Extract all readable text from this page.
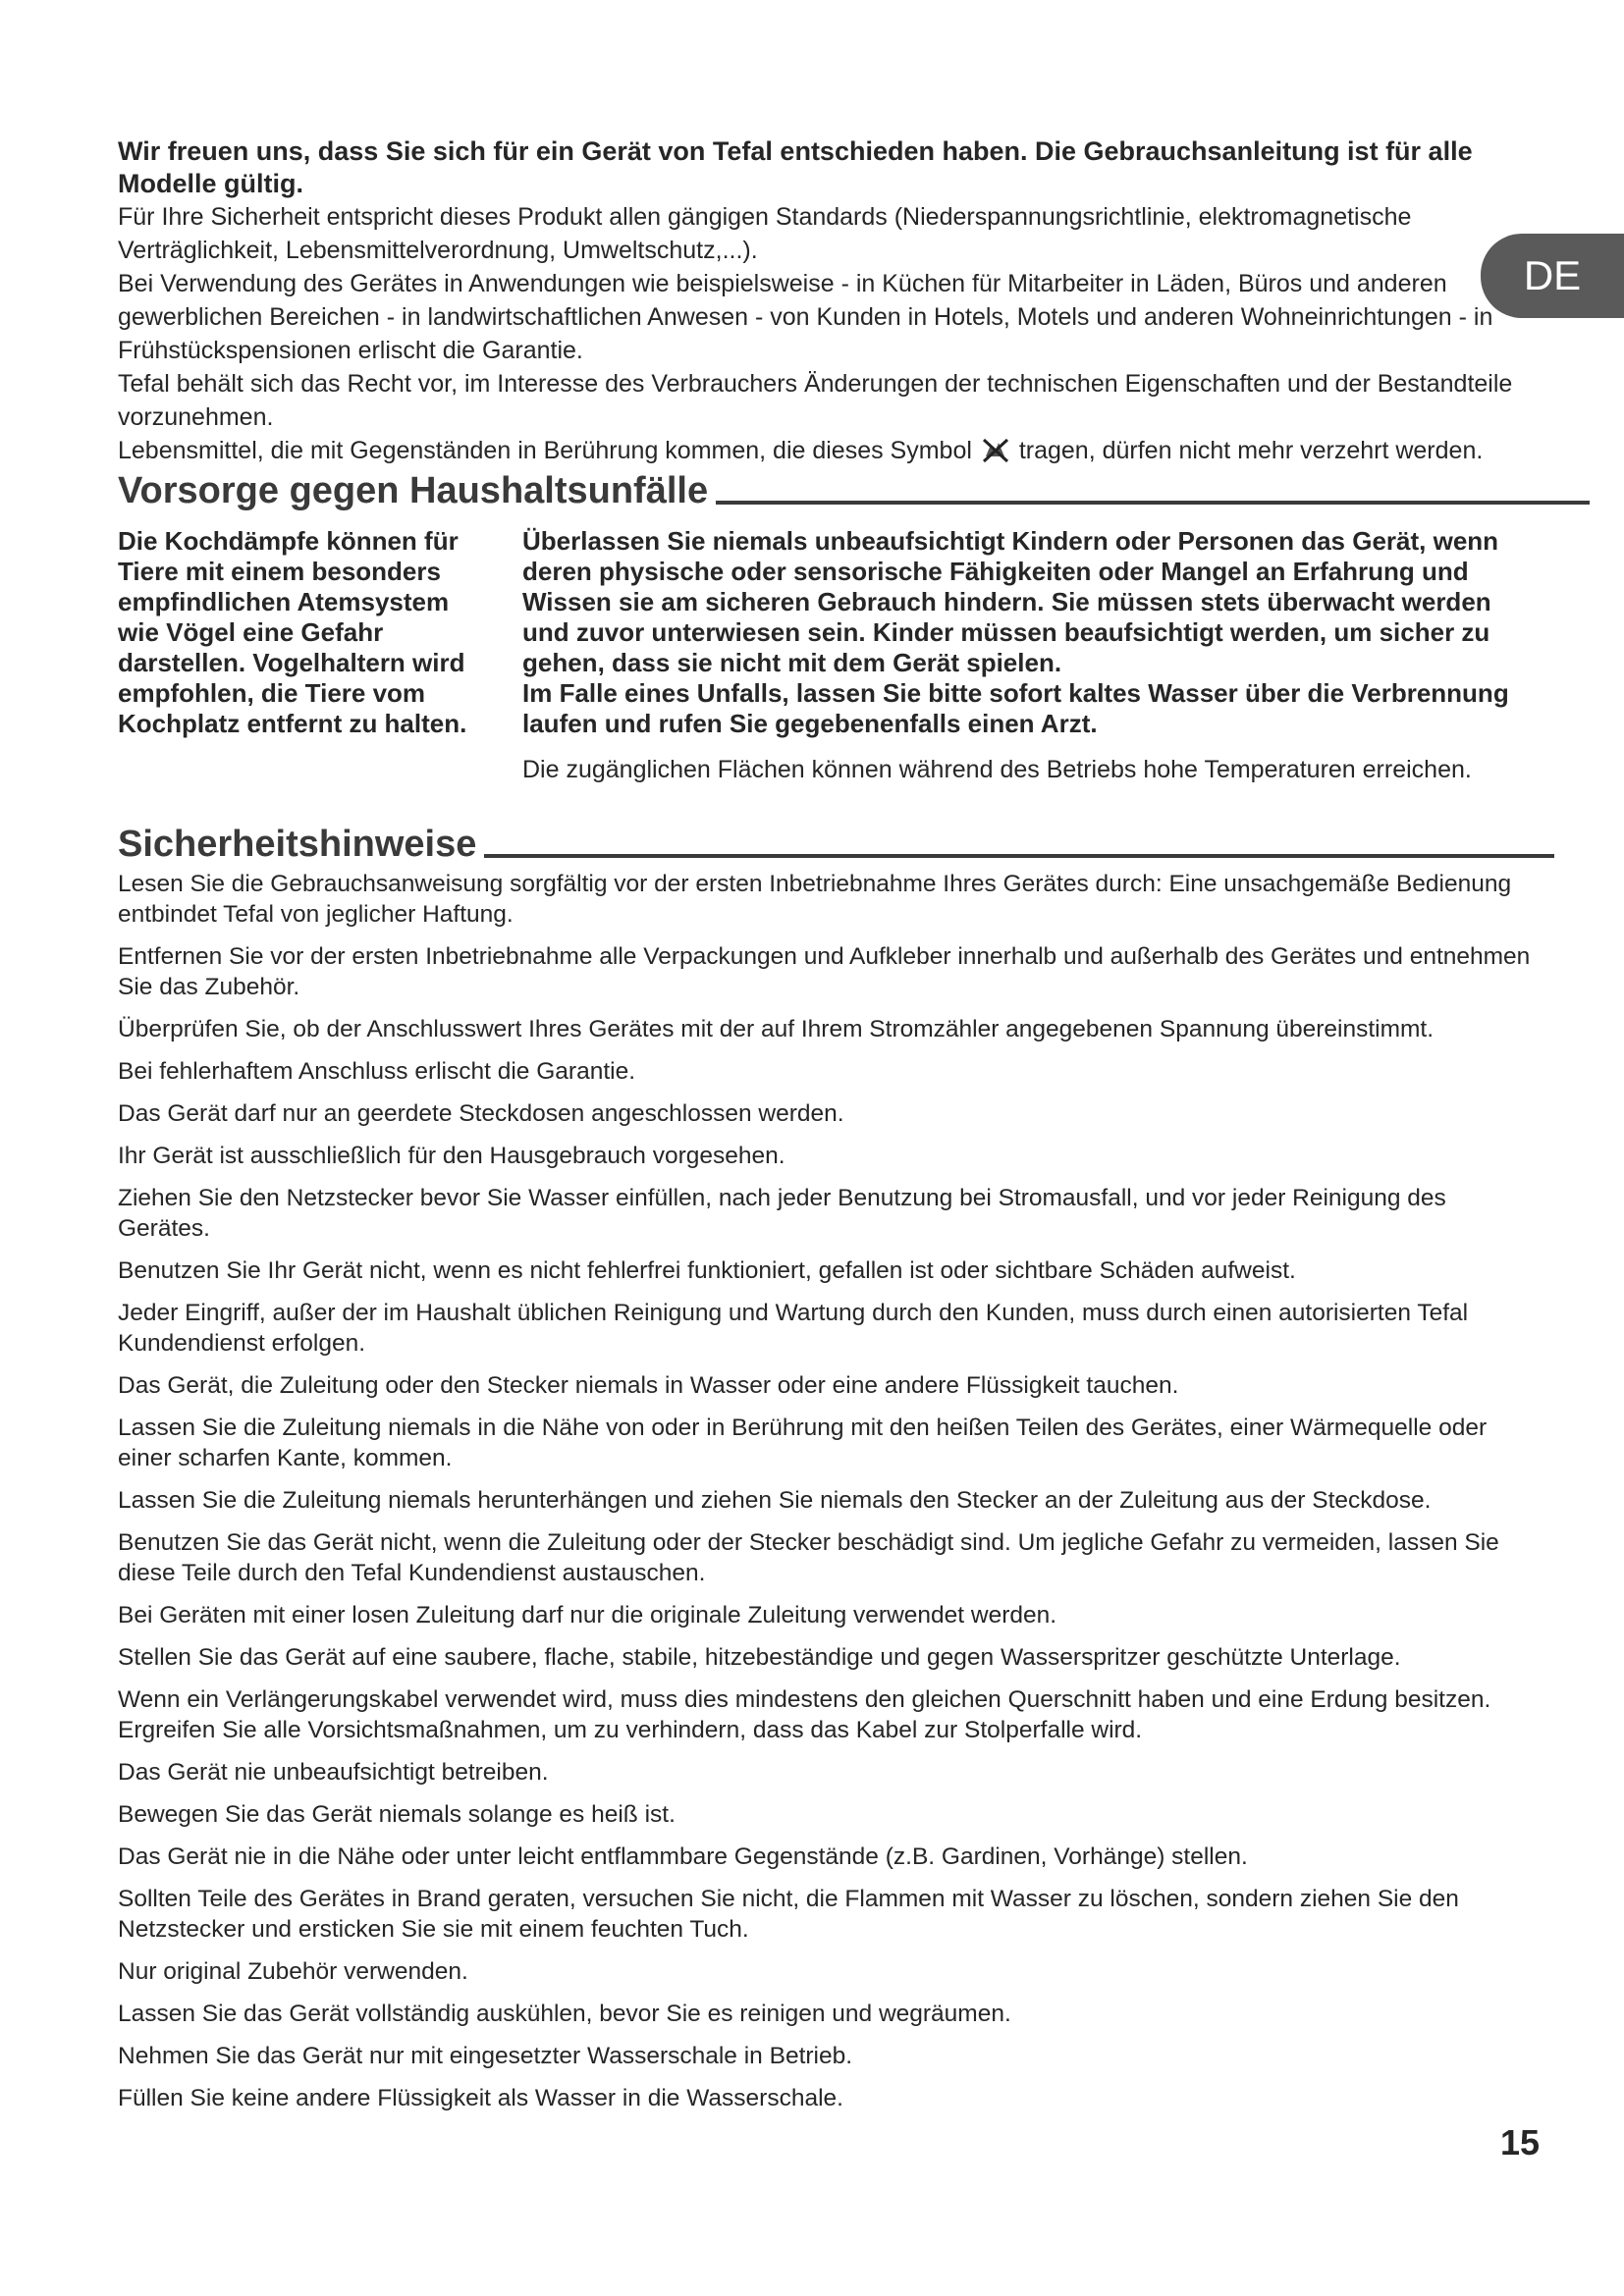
DE

Wir freuen uns, dass Sie sich für ein Gerät von Tefal entschieden haben. Die Gebrauchsanleitung ist für alle Modelle gültig.

Für Ihre Sicherheit entspricht dieses Produkt allen gängigen Standards (Niederspannungsrichtlinie, elektromagnetische Verträglichkeit, Lebensmittelverordnung, Umweltschutz,...).

Bei Verwendung des Gerätes in Anwendungen wie beispielsweise - in Küchen für Mitarbeiter in Läden, Büros und anderen gewerblichen Bereichen - in landwirtschaftlichen Anwesen - von Kunden in Hotels, Motels und anderen Wohneinrichtungen - in Frühstückspensionen erlischt die Garantie.

Tefal behält sich das Recht vor, im Interesse des Verbrauchers Änderungen der technischen Eigenschaften und der Bestandteile vorzunehmen.

Lebensmittel, die mit Gegenständen in Berührung kommen, die dieses Symbol tragen, dürfen nicht mehr verzehrt werden.

Vorsorge gegen Haushaltsunfälle
Die Kochdämpfe können für Tiere mit einem besonders empfindlichen Atemsystem wie Vögel eine Gefahr darstellen. Vogelhaltern wird empfohlen, die Tiere vom Kochplatz entfernt zu halten.

Überlassen Sie niemals unbeaufsichtigt Kindern oder Personen das Gerät, wenn deren physische oder sensorische Fähigkeiten oder Mangel an Erfahrung und Wissen sie am sicheren Gebrauch hindern. Sie müssen stets überwacht werden und zuvor unterwiesen sein. Kinder müssen beaufsichtigt werden, um sicher zu gehen, dass sie nicht mit dem Gerät spielen.

Im Falle eines Unfalls, lassen Sie bitte sofort kaltes Wasser über die Verbrennung laufen und rufen Sie gegebenenfalls einen Arzt.

Die zugänglichen Flächen können während des Betriebs hohe Temperaturen erreichen.

Sicherheitshinweise

Lesen Sie die Gebrauchsanweisung sorgfältig vor der ersten Inbetriebnahme Ihres Gerätes durch: Eine unsachgemäße Bedienung entbindet Tefal von jeglicher Haftung.

Entfernen Sie vor der ersten Inbetriebnahme alle Verpackungen und Aufkleber innerhalb und außerhalb des Gerätes und entnehmen Sie das Zubehör.

Überprüfen Sie, ob der Anschlusswert Ihres Gerätes mit der auf Ihrem Stromzähler angegebenen Spannung übereinstimmt.

Bei fehlerhaftem Anschluss erlischt die Garantie.

Das Gerät darf nur an geerdete Steckdosen angeschlossen werden.

Ihr Gerät ist ausschließlich für den Hausgebrauch vorgesehen.

Ziehen Sie den Netzstecker bevor Sie Wasser einfüllen, nach jeder Benutzung bei Stromausfall, und vor jeder Reinigung des Gerätes.

Benutzen Sie Ihr Gerät nicht, wenn es nicht fehlerfrei funktioniert, gefallen ist oder sichtbare Schäden aufweist.

Jeder Eingriff, außer der im Haushalt üblichen Reinigung und Wartung durch den Kunden, muss durch einen autorisierten Tefal Kundendienst erfolgen.

Das Gerät, die Zuleitung oder den Stecker niemals in Wasser oder eine andere Flüssigkeit tauchen.

Lassen Sie die Zuleitung niemals in die Nähe von oder in Berührung mit den heißen Teilen des Gerätes, einer Wärmequelle oder einer scharfen Kante, kommen.

Lassen Sie die Zuleitung niemals herunterhängen und ziehen Sie niemals den Stecker an der Zuleitung aus der Steckdose.

Benutzen Sie das Gerät nicht, wenn die Zuleitung oder der Stecker beschädigt sind. Um jegliche Gefahr zu vermeiden, lassen Sie diese Teile durch den Tefal Kundendienst austauschen.

Bei Geräten mit einer losen Zuleitung darf nur die originale Zuleitung verwendet werden.

Stellen Sie das Gerät auf eine saubere, flache, stabile, hitzebeständige und gegen Wasserspritzer geschützte Unterlage.

Wenn ein Verlängerungskabel verwendet wird, muss dies mindestens den gleichen Querschnitt haben und eine Erdung besitzen. Ergreifen Sie alle Vorsichtsmaßnahmen, um zu verhindern, dass das Kabel zur Stolperfalle wird.

Das Gerät nie unbeaufsichtigt betreiben.

Bewegen Sie das Gerät niemals solange es heiß ist.

Das Gerät nie in die Nähe oder unter leicht entflammbare Gegenstände (z.B. Gardinen, Vorhänge) stellen.

Sollten Teile des Gerätes in Brand geraten, versuchen Sie nicht, die Flammen mit Wasser zu löschen, sondern ziehen Sie den Netzstecker und ersticken Sie sie mit einem feuchten Tuch.

Nur original Zubehör verwenden.

Lassen Sie das Gerät vollständig auskühlen, bevor Sie es reinigen und wegräumen.

Nehmen Sie das Gerät nur mit eingesetzter Wasserschale in Betrieb.

Füllen Sie keine andere Flüssigkeit als Wasser in die Wasserschale.

15
